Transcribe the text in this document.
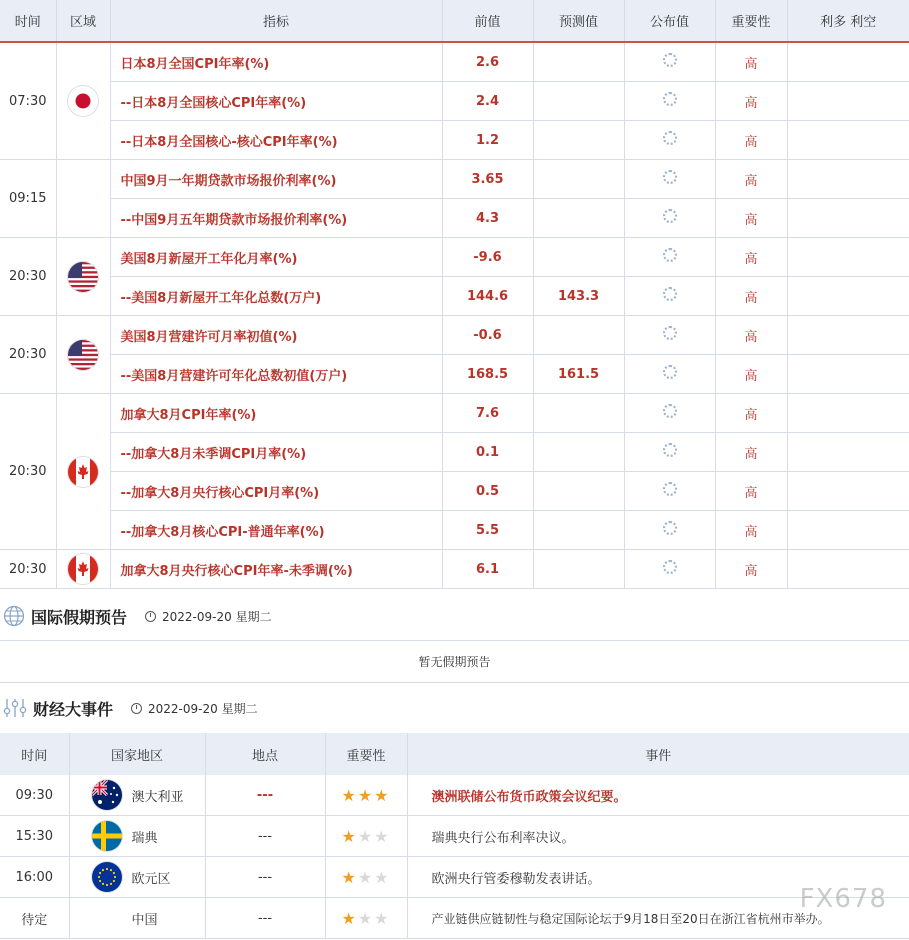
时间	区域	指标	前值	预测值	公布值	重要性	利多 利空
07:30		日本8月全国CPI年率(%)	2.6			高	
		--日本8月全国核心CPI年率(%)	2.4			高	
		--日本8月全国核心-核心CPI年率(%)	1.2			高	
09:15		中国9月一年期贷款市场报价利率(%)	3.65			高	
		--中国9月五年期贷款市场报价利率(%)	4.3			高	
20:30		美国8月新屋开工年化月率(%)	-9.6			高	
		--美国8月新屋开工年化总数(万户)	144.6	143.3		高	
20:30		美国8月营建许可月率初值(%)	-0.6			高	
		--美国8月营建许可年化总数初值(万户)	168.5	161.5		高	
20:30		加拿大8月CPI年率(%)	7.6			高	
		--加拿大8月未季调CPI月率(%)	0.1			高	
		--加拿大8月央行核心CPI月率(%)	0.5			高	
		--加拿大8月核心CPI-普通年率(%)	5.5			高	
20:30		加拿大8月央行核心CPI年率-未季调(%)	6.1			高	
国际假期预告	2022-09-20 星期二
暂无假期预告
财经大事件	2022-09-20 星期二
时间	国家地区	地点	重要性	事件
09:30	澳大利亚	---	★ ★ ★	澳洲联储公布货币政策会议纪要。
15:30	瑞典	---	★ ★ ★	瑞典央行公布利率决议。
16:00	欧元区	---	★ ★ ★	欧洲央行管委穆勒发表讲话。
待定	中国	---	★ ★ ★	产业链供应链韧性与稳定国际论坛于9月18日至20日在浙江省杭州市举办。
FX678
